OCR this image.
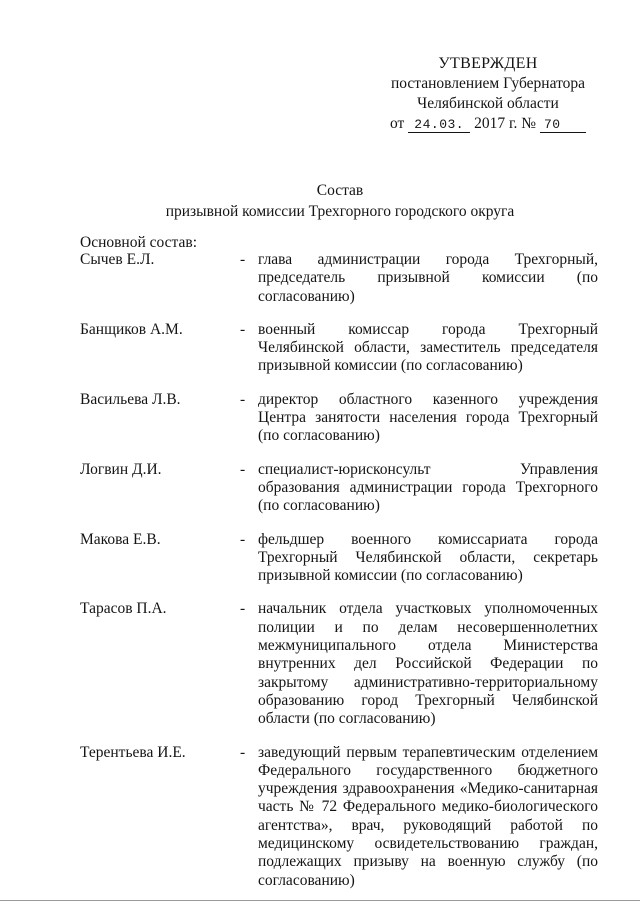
УТВЕРЖДЕН
постановлением Губернатора
Челябинской области
от 24.03. 2017 г. № 70
Состав
призывной комиссии Трехгорного городского округа
Основной состав:
Сычев Е.Л.	- глава администрации города Трехгорный, председатель призывной комиссии (по согласованию)
Банщиков А.М.	- военный комиссар города Трехгорный Челябинской области, заместитель председателя призывной комиссии (по согласованию)
Васильева Л.В.	- директор областного казенного учреждения Центра занятости населения города Трехгорный (по согласованию)
Логвин Д.И.	- специалист-юрисконсульт Управления образования администрации города Трехгорного (по согласованию)
Макова Е.В.	- фельдшер военного комиссариата города Трехгорный Челябинской области, секретарь призывной комиссии (по согласованию)
Тарасов П.А.	- начальник отдела участковых уполномоченных полиции и по делам несовершеннолетних межмуниципального отдела Министерства внутренних дел Российской Федерации по закрытому административно-территориальному образованию город Трехгорный Челябинской области (по согласованию)
Терентьева И.Е.	- заведующий первым терапевтическим отделением Федерального государственного бюджетного учреждения здравоохранения «Медико-санитарная часть № 72 Федерального медико-биологического агентства», врач, руководящий работой по медицинскому освидетельствованию граждан, подлежащих призыву на военную службу (по согласованию)
